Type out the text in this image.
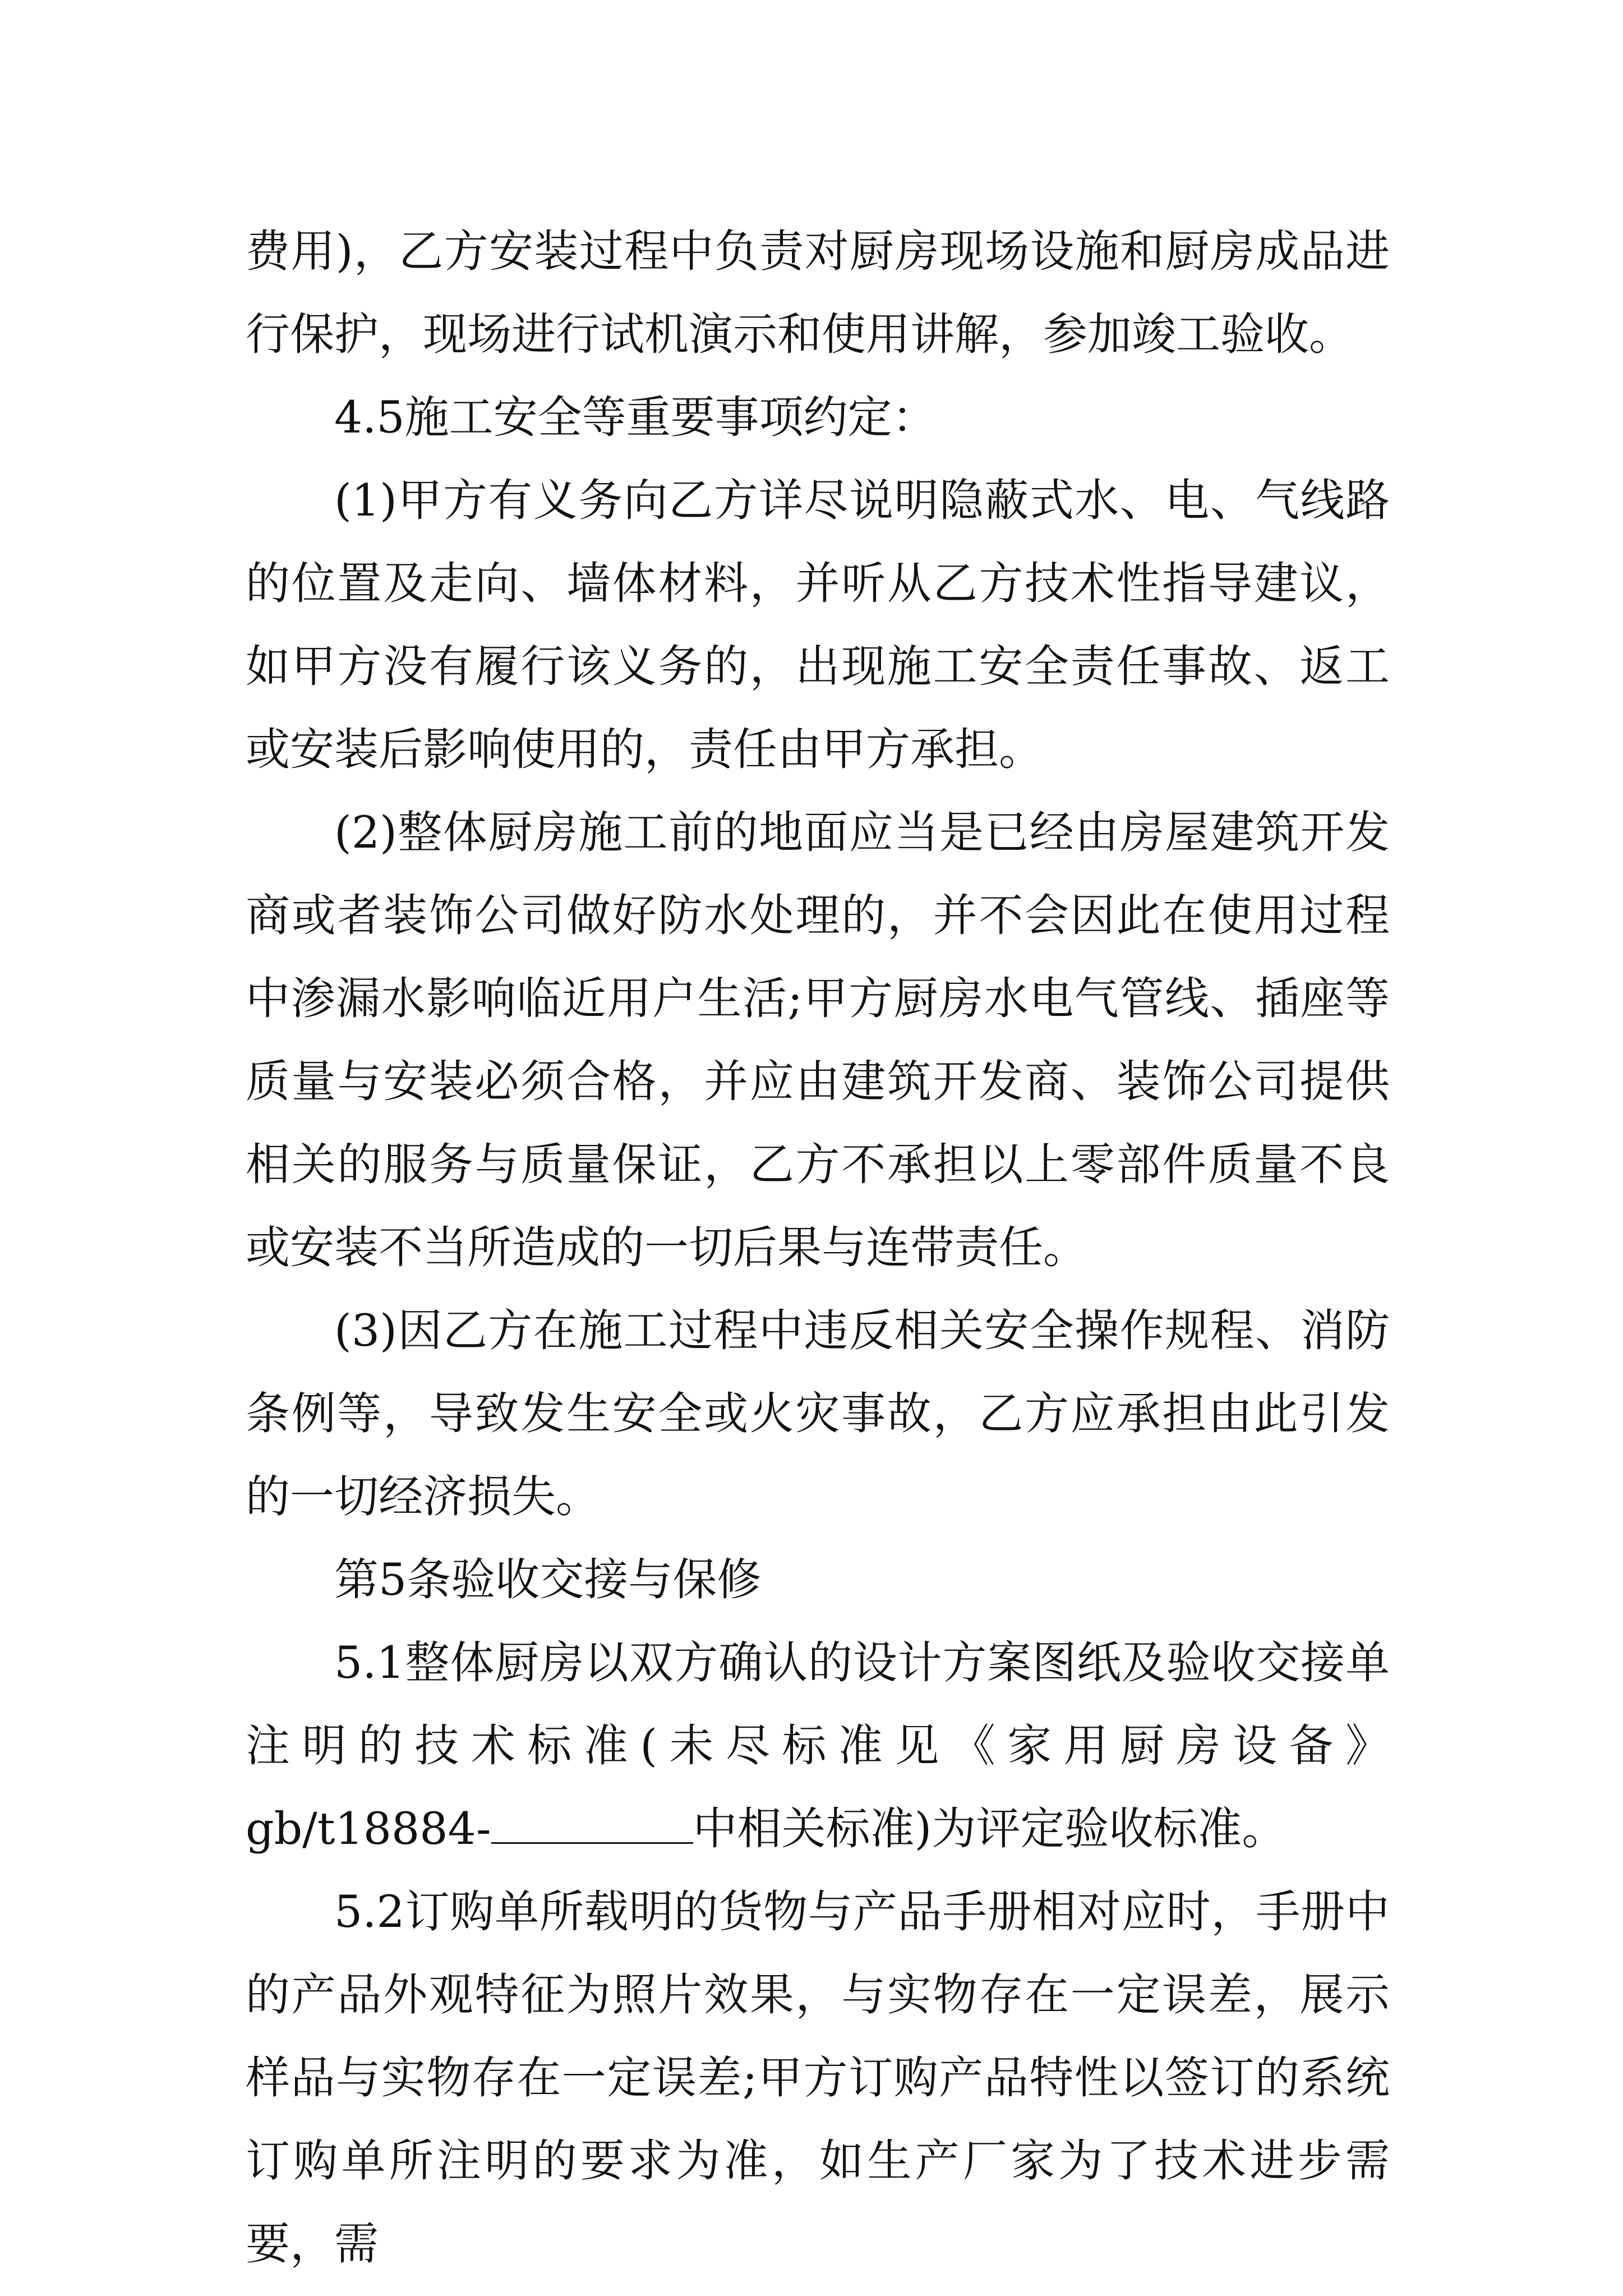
费用)，乙方安装过程中负责对厨房现场设施和厨房成品进行保护，现场进行试机演示和使用讲解，参加竣工验收。

4.5施工安全等重要事项约定：

(1)甲方有义务向乙方详尽说明隐蔽式水、电、气线路的位置及走向、墙体材料，并听从乙方技术性指导建议，如甲方没有履行该义务的，出现施工安全责任事故、返工或安装后影响使用的，责任由甲方承担。

(2)整体厨房施工前的地面应当是已经由房屋建筑开发商或者装饰公司做好防水处理的，并不会因此在使用过程中渗漏水影响临近用户生活;甲方厨房水电气管线、插座等质量与安装必须合格，并应由建筑开发商、装饰公司提供相关的服务与质量保证，乙方不承担以上零部件质量不良或安装不当所造成的一切后果与连带责任。

(3)因乙方在施工过程中违反相关安全操作规程、消防条例等，导致发生安全或火灾事故，乙方应承担由此引发的一切经济损失。

第5条验收交接与保修

5.1整体厨房以双方确认的设计方案图纸及验收交接单注明的技术标准(未尽标准见《家用厨房设备》gb/t18884-	中相关标准)为评定验收标准。

5.2订购单所载明的货物与产品手册相对应时，手册中的产品外观特征为照片效果，与实物存在一定误差，展示样品与实物存在一定误差;甲方订购产品特性以签订的系统订购单所注明的要求为准，如生产厂家为了技术进步需要，需
